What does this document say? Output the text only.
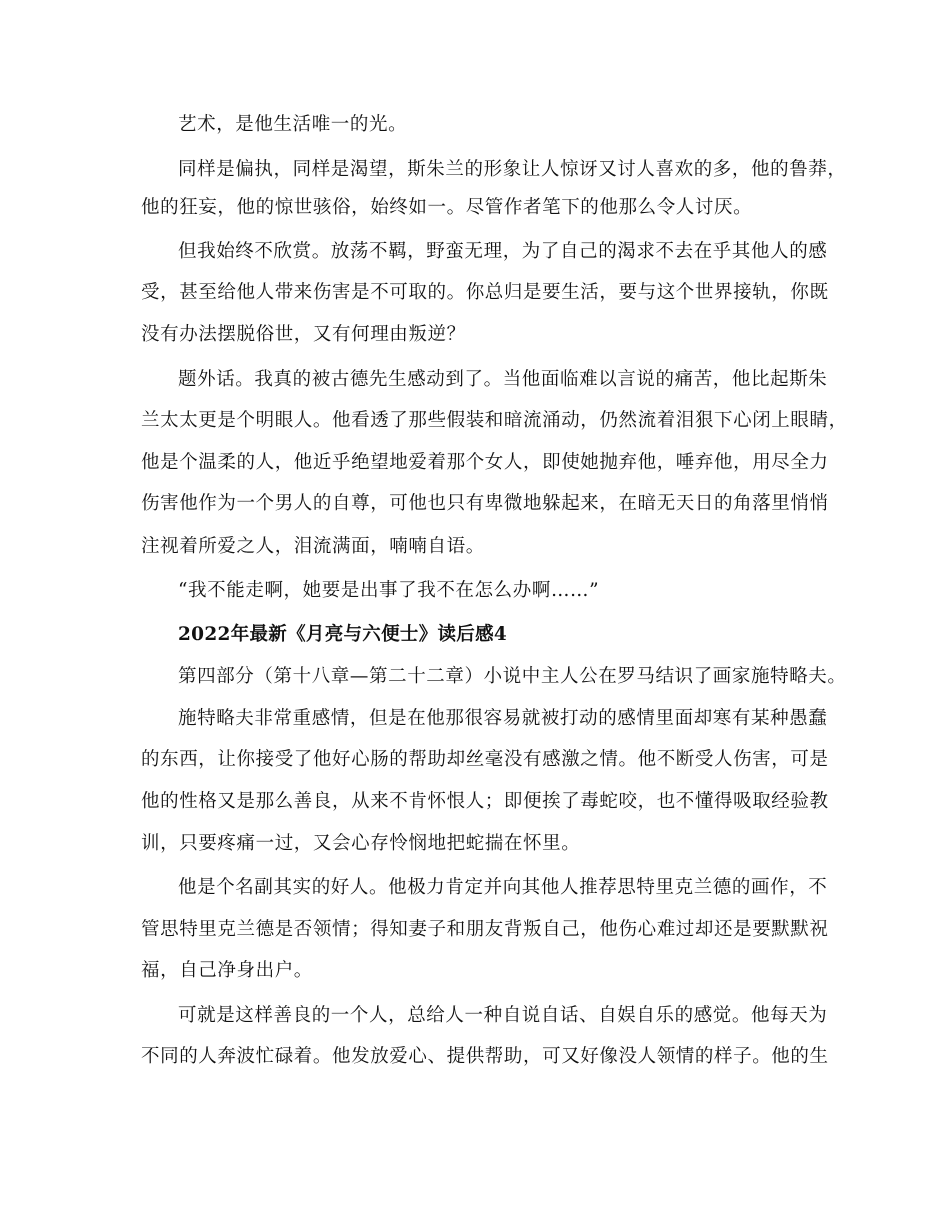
艺术，是他生活唯一的光。
同样是偏执，同样是渴望，斯朱兰的形象让人惊讶又讨人喜欢的多，他的鲁莽，
他的狂妄，他的惊世骇俗，始终如一。尽管作者笔下的他那么令人讨厌。
但我始终不欣赏。放荡不羁，野蛮无理，为了自己的渴求不去在乎其他人的感
受，甚至给他人带来伤害是不可取的。你总归是要生活，要与这个世界接轨，你既
没有办法摆脱俗世，又有何理由叛逆？
题外话。我真的被古德先生感动到了。当他面临难以言说的痛苦，他比起斯朱
兰太太更是个明眼人。他看透了那些假装和暗流涌动，仍然流着泪狠下心闭上眼睛，
他是个温柔的人，他近乎绝望地爱着那个女人，即使她抛弃他，唾弃他，用尽全力
伤害他作为一个男人的自尊，可他也只有卑微地躲起来，在暗无天日的角落里悄悄
注视着所爱之人，泪流满面，喃喃自语。
“我不能走啊，她要是出事了我不在怎么办啊……”
2022年最新《月亮与六便士》读后感4
第四部分（第十八章—第二十二章）小说中主人公在罗马结识了画家施特略夫。
施特略夫非常重感情，但是在他那很容易就被打动的感情里面却寒有某种愚蠢
的东西，让你接受了他好心肠的帮助却丝毫没有感激之情。他不断受人伤害，可是
他的性格又是那么善良，从来不肯怀恨人；即便挨了毒蛇咬，也不懂得吸取经验教
训，只要疼痛一过，又会心存怜悯地把蛇揣在怀里。
他是个名副其实的好人。他极力肯定并向其他人推荐思特里克兰德的画作，不
管思特里克兰德是否领情；得知妻子和朋友背叛自己，他伤心难过却还是要默默祝
福，自己净身出户。
可就是这样善良的一个人，总给人一种自说自话、自娱自乐的感觉。他每天为
不同的人奔波忙碌着。他发放爱心、提供帮助，可又好像没人领情的样子。他的生
